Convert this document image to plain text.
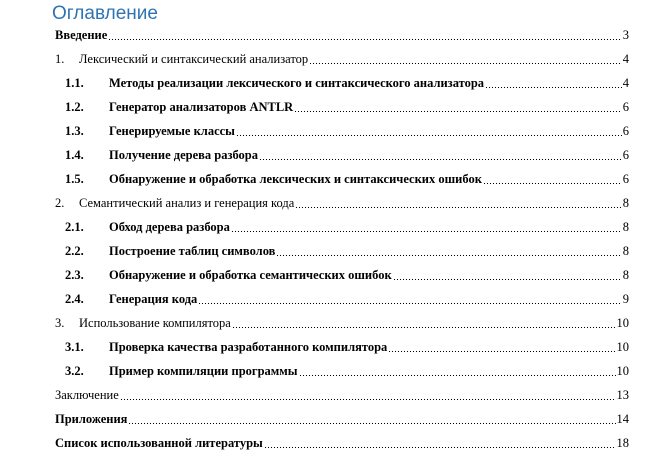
Оглавление
Введение	3
1.	Лексический и синтаксический анализатор	4
1.1.	Методы реализации лексического и синтаксического анализатора	4
1.2.	Генератор анализаторов ANTLR	6
1.3.	Генерируемые классы	6
1.4.	Получение дерева разбора	6
1.5.	Обнаружение и обработка лексических и синтаксических ошибок	6
2.	Семантический анализ и генерация кода	8
2.1.	Обход дерева разбора	8
2.2.	Построение таблиц символов	8
2.3.	Обнаружение и обработка семантических ошибок	8
2.4.	Генерация кода	9
3.	Использование компилятора	10
3.1.	Проверка качества разработанного компилятора	10
3.2.	Пример компиляции программы	10
Заключение	13
Приложения	14
Список использованной литературы	18
